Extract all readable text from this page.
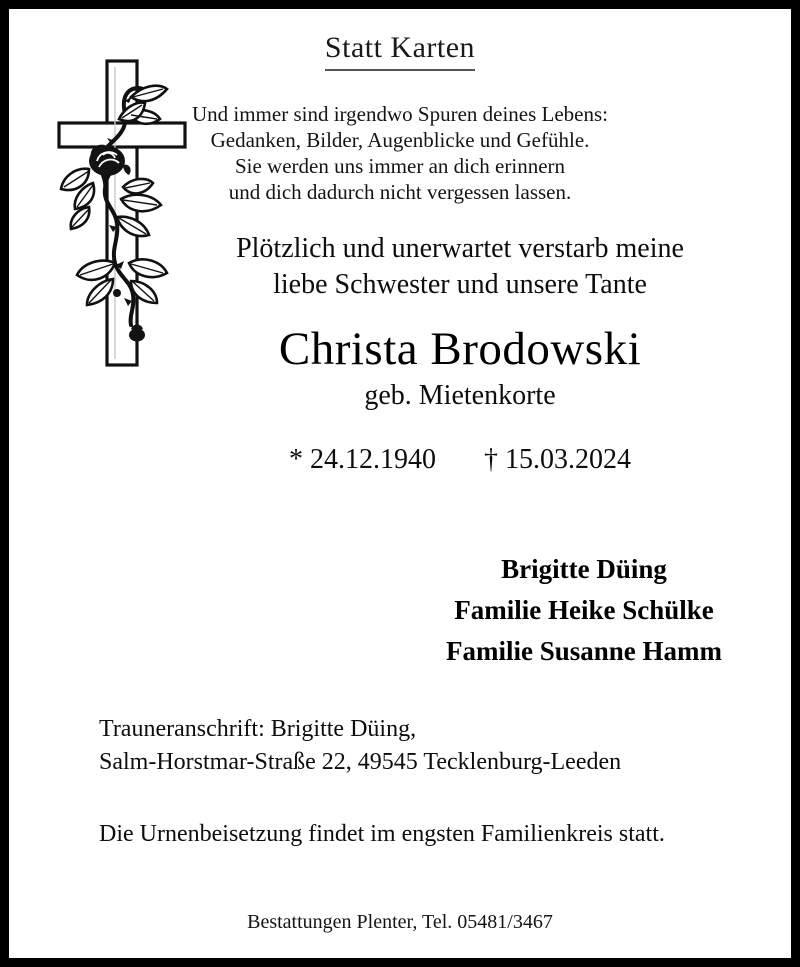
Statt Karten
Und immer sind irgendwo Spuren deines Lebens:
Gedanken, Bilder, Augenblicke und Gefühle.
Sie werden uns immer an dich erinnern
und dich dadurch nicht vergessen lassen.
Plötzlich und unerwartet verstarb meine
liebe Schwester und unsere Tante
Christa Brodowski
geb. Mietenkorte
* 24.12.1940 † 15.03.2024
Brigitte Düing
Familie Heike Schülke
Familie Susanne Hamm
Trauneranschrift: Brigitte Düing,
Salm-Horstmar-Straße 22, 49545 Tecklenburg-Leeden
Die Urnenbeisetzung findet im engsten Familienkreis statt.
Bestattungen Plenter, Tel. 05481/3467
